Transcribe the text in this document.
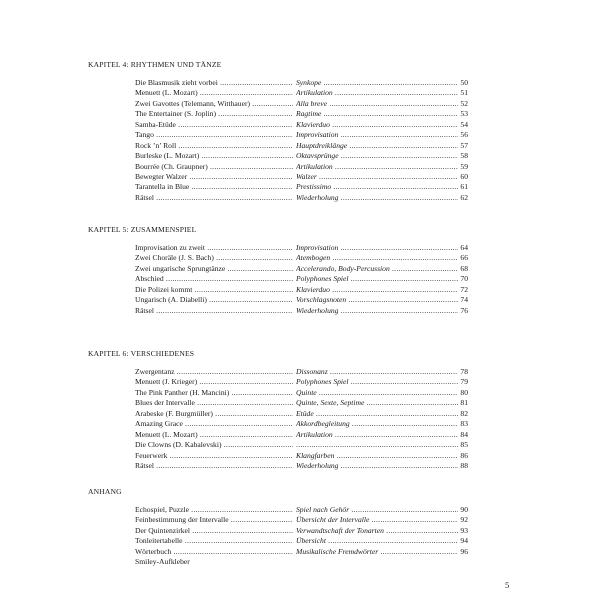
KAPITEL 4: RHYTHMEN UND TÄNZE
Die Blasmusik zieht vorbei .....	Synkope .....	50
Menuett (L. Mozart) .....	Artikulation .....	51
Zwei Gavottes (Telemann, Witthauer) .....	Alla breve .....	52
The Entertainer (S. Joplin) .....	Ragtime .....	53
Samba-Etüde .....	Klavierduo .....	54
Tango .....	Improvisation .....	56
Rock ’n’ Roll .....	Hauptdreiklänge .....	57
Burleske (L. Mozart) .....	Oktavsprünge .....	58
Bourrée (Ch. Graupner) .....	Artikulation .....	59
Bewegter Walzer .....	Walzer .....	60
Tarantella in Blue .....	Prestissimo .....	61
Rätsel .....	Wiederholung .....	62
KAPITEL 5: ZUSAMMENSPIEL
Improvisation zu zweit .....	Improvisation .....	64
Zwei Choräle (J. S. Bach) .....	Atembogen .....	66
Zwei ungarische Sprungtänze .....	Accelerando, Body-Percussion .....	68
Abschied .....	Polyphones Spiel .....	70
Die Polizei kommt .....	Klavierduo .....	72
Ungarisch (A. Diabelli) .....	Vorschlagsnoten .....	74
Rätsel .....	Wiederholung .....	76
KAPITEL 6: VERSCHIEDENES
Zwergentanz .....	Dissonanz .....	78
Menuett (J. Krieger) .....	Polyphones Spiel .....	79
The Pink Panther (H. Mancini) .....	Quinte .....	80
Blues der Intervalle .....	Quinte, Sexte, Septime .....	81
Arabeske (F. Burgmüller) .....	Etüde .....	82
Amazing Grace .....	Akkordbegleitung .....	83
Menuett (L. Mozart) .....	Artikulation .....	84
Die Clowns (D. Kabalevski) ..... .....	85
Feuerwerk .....	Klangfarben .....	86
Rätsel .....	Wiederholung .....	88
ANHANG
Echospiel, Puzzle .....	Spiel nach Gehör .....	90
Feinbestimmung der Intervalle .....	Übersicht der Intervalle .....	92
Der Quintenzirkel .....	Verwandtschaft der Tonarten .....	93
Tonleitertabelle .....	Übersicht .....	94
Wörterbuch .....	Musikalische Fremdwörter .....	96
Smiley-Aufkleber
5
